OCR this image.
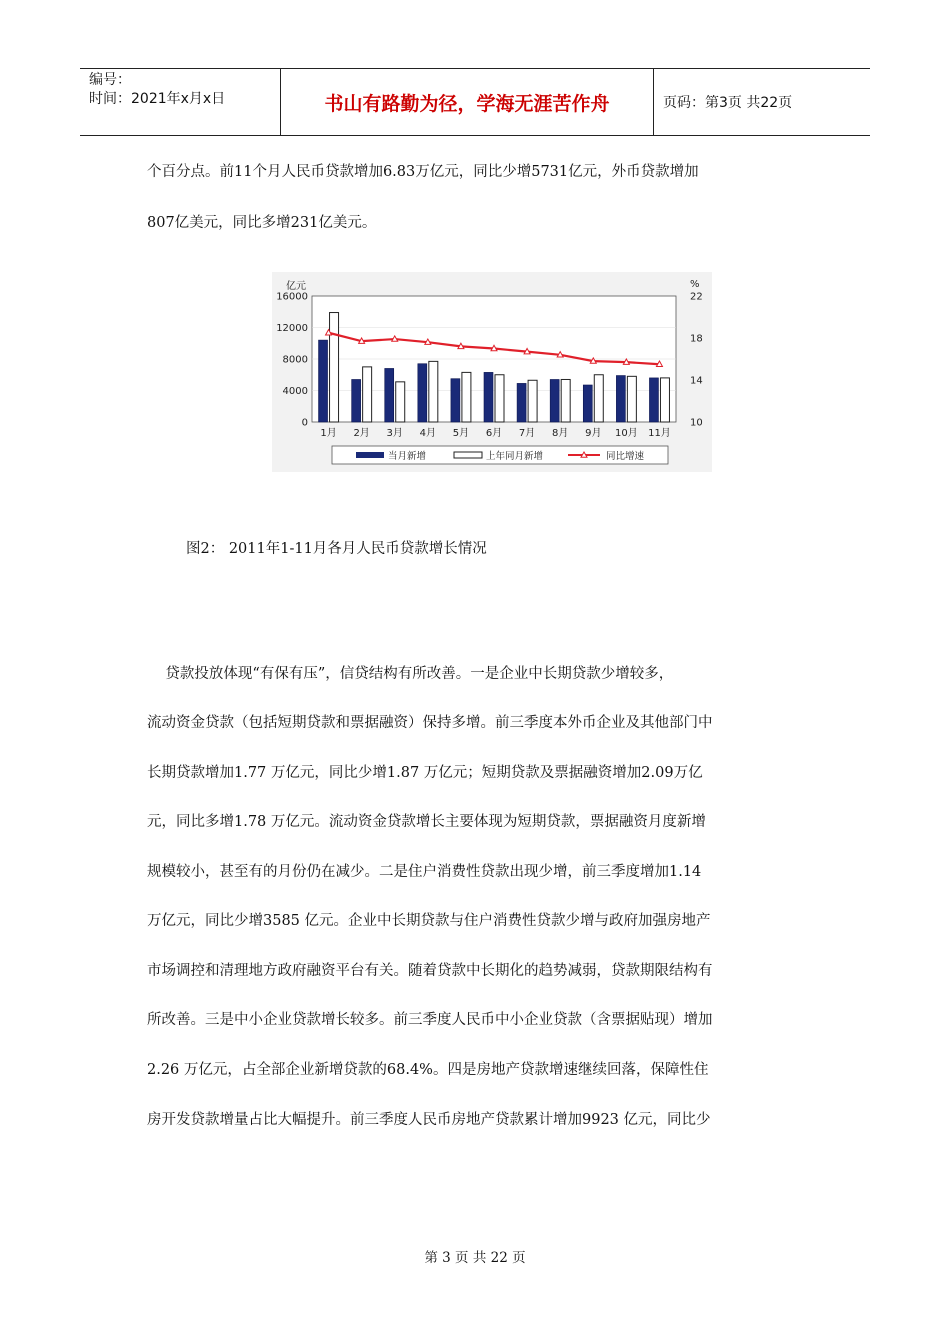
编号：
时间：2021年x月x日	书山有路勤为径，学海无涯苦作舟	页码：第3页 共22页
个百分点。前11个月人民币贷款增加6.83万亿元，同比少增5731亿元，外币贷款增加
807亿美元，同比多增231亿美元。
0
4000
8000
12000
16000
10
14
18
22
亿元	%
1月 2月 3月 4月 5月 6月 7月 8月 9月 10月 11月
当月新增	上年同月新增	同比增速
图2： 2011年1-11月各月人民币贷款增长情况
贷款投放体现“有保有压”，信贷结构有所改善。一是企业中长期贷款少增较多，
流动资金贷款（包括短期贷款和票据融资）保持多增。前三季度本外币企业及其他部门中
长期贷款增加1.77 万亿元，同比少增1.87 万亿元；短期贷款及票据融资增加2.09万亿
元，同比多增1.78 万亿元。流动资金贷款增长主要体现为短期贷款，票据融资月度新增
规模较小，甚至有的月份仍在减少。二是住户消费性贷款出现少增，前三季度增加1.14
万亿元，同比少增3585 亿元。企业中长期贷款与住户消费性贷款少增与政府加强房地产
市场调控和清理地方政府融资平台有关。随着贷款中长期化的趋势减弱，贷款期限结构有
所改善。三是中小企业贷款增长较多。前三季度人民币中小企业贷款（含票据贴现）增加
2.26 万亿元，占全部企业新增贷款的68.4%。四是房地产贷款增速继续回落，保障性住
房开发贷款增量占比大幅提升。前三季度人民币房地产贷款累计增加9923 亿元，同比少
第 3 页 共 22 页
